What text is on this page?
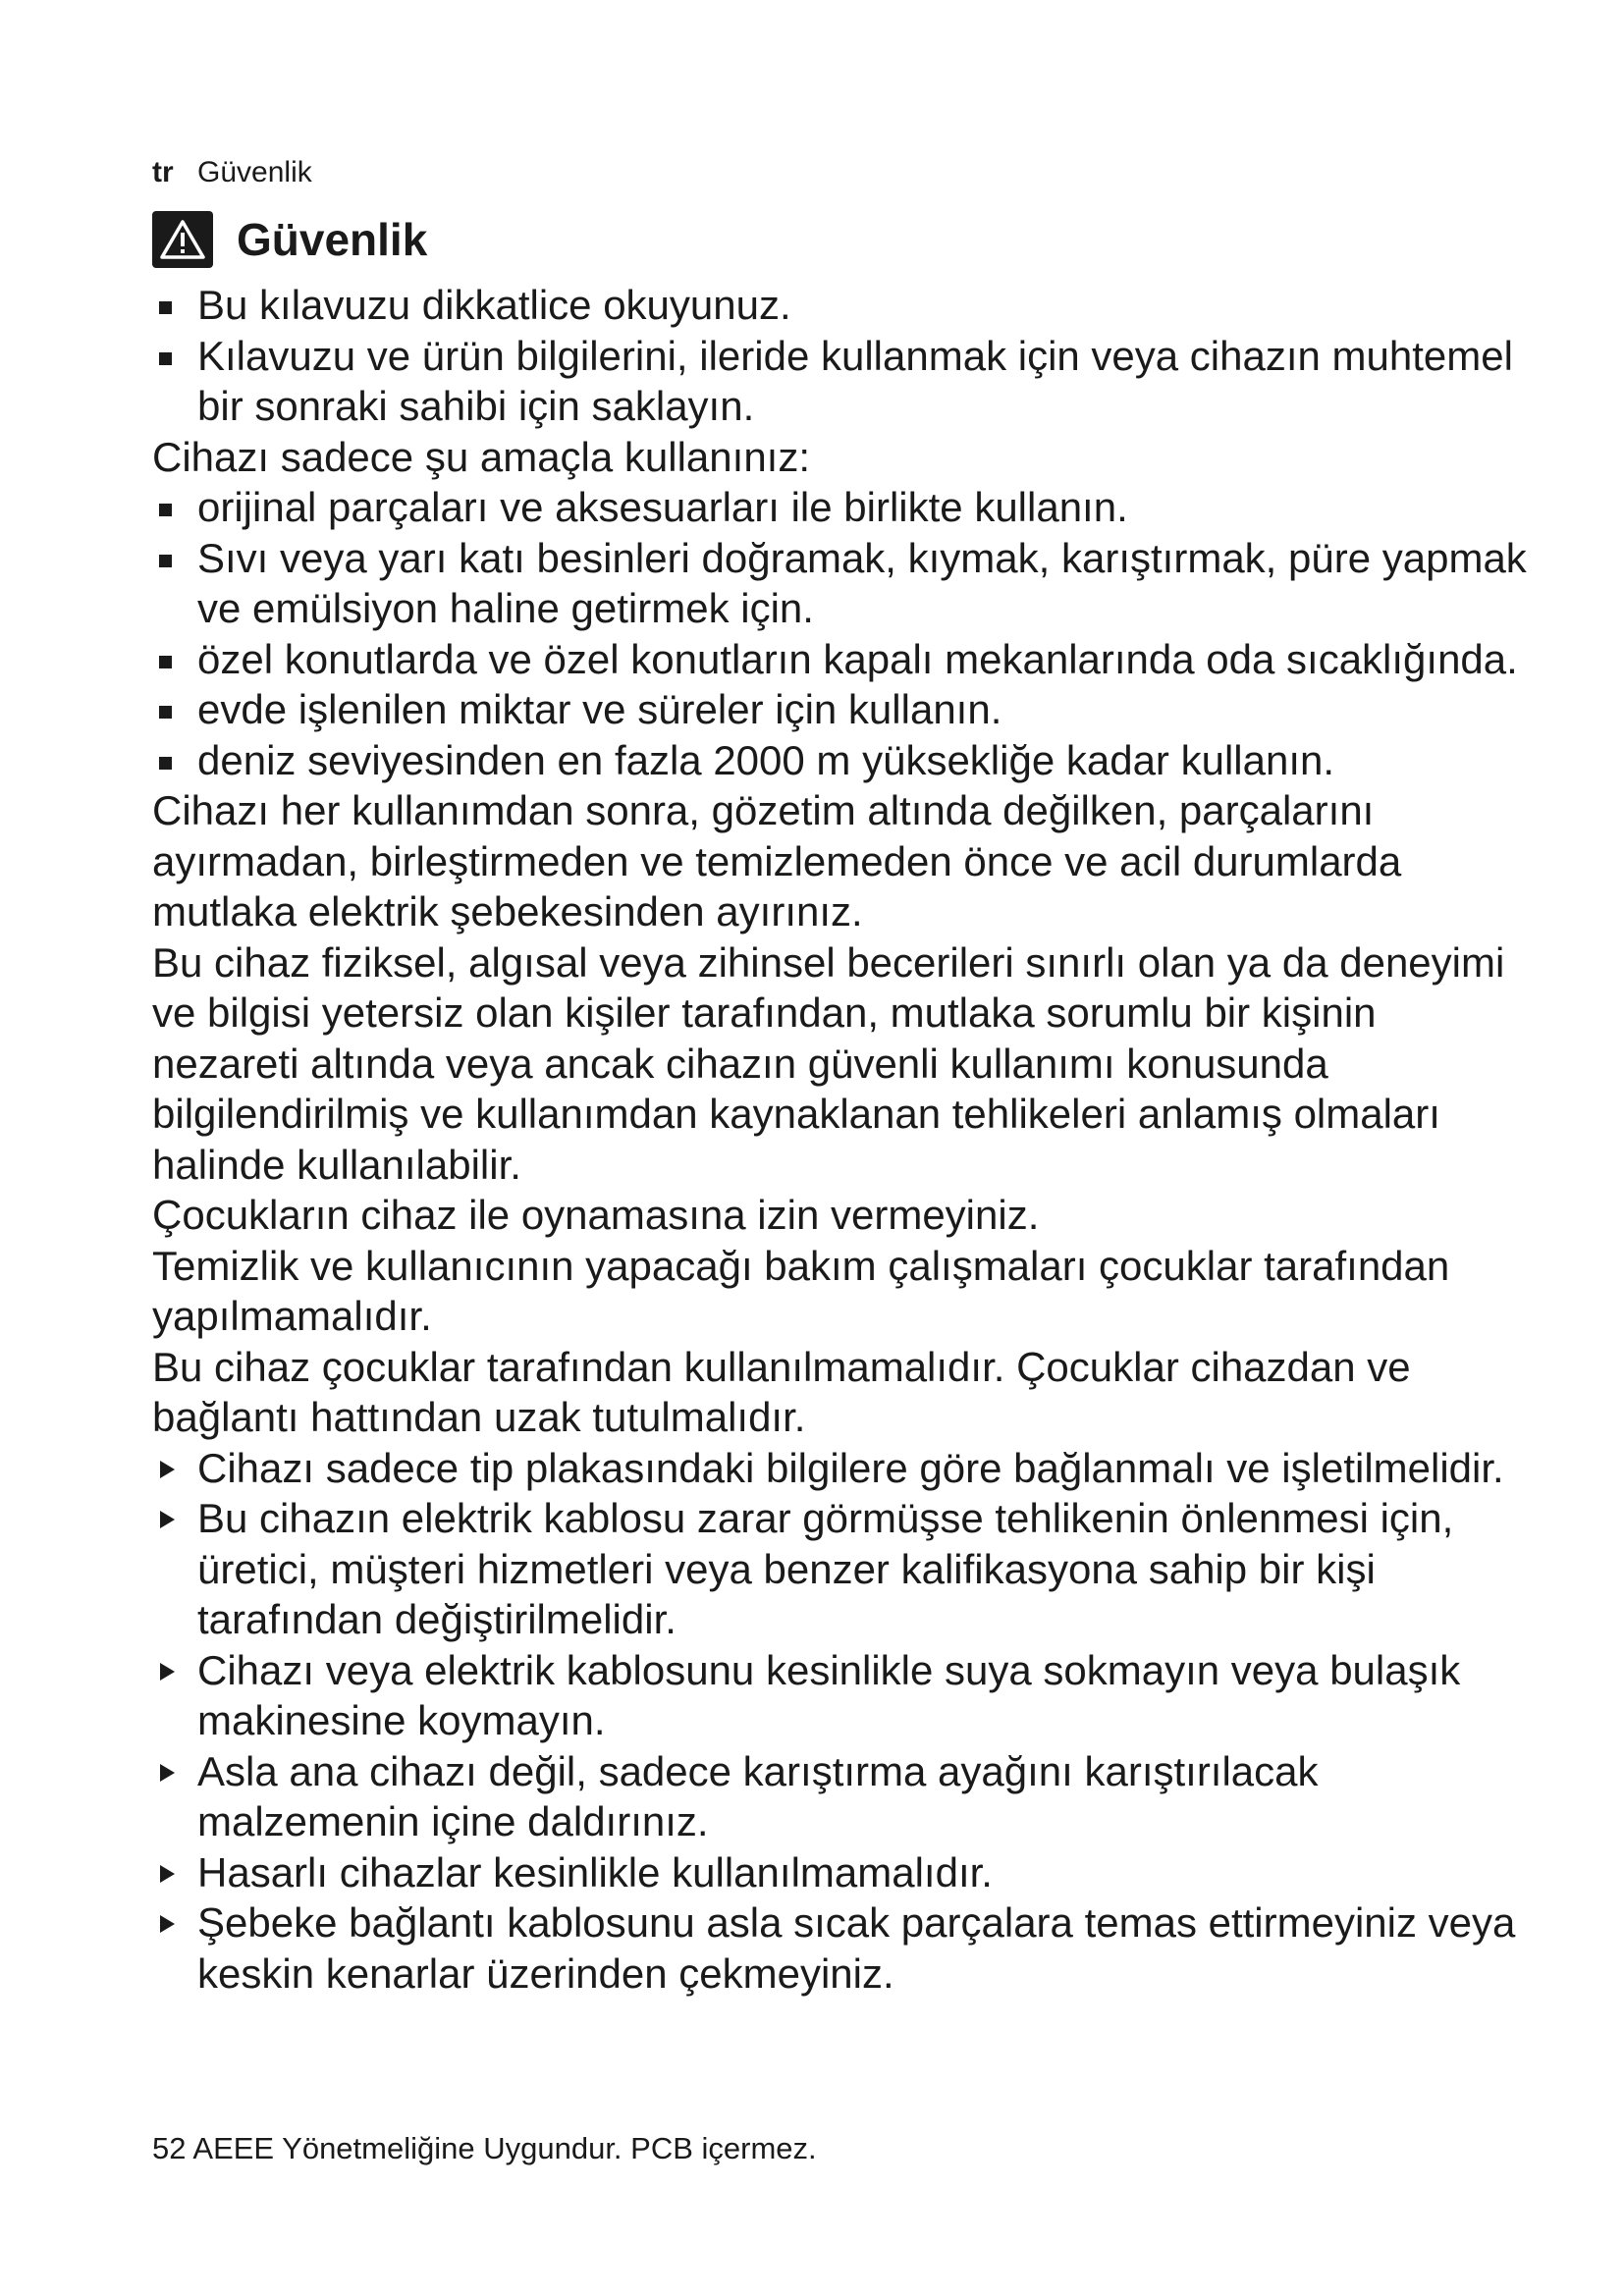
tr Güvenlik
Güvenlik
Bu kılavuzu dikkatlice okuyunuz.
Kılavuzu ve ürün bilgilerini, ileride kullanmak için veya cihazın muhtemel bir sonraki sahibi için saklayın.
Cihazı sadece şu amaçla kullanınız:
orijinal parçaları ve aksesuarları ile birlikte kullanın.
Sıvı veya yarı katı besinleri doğramak, kıymak, karıştırmak, püre yapmak ve emülsiyon haline getirmek için.
özel konutlarda ve özel konutların kapalı mekanlarında oda sıcaklığında.
evde işlenilen miktar ve süreler için kullanın.
deniz seviyesinden en fazla 2000 m yüksekliğe kadar kullanın.
Cihazı her kullanımdan sonra, gözetim altında değilken, parçalarını ayırmadan, birleştirmeden ve temizlemeden önce ve acil durumlarda mutlaka elektrik şebekesinden ayırınız.
Bu cihaz fiziksel, algısal veya zihinsel becerileri sınırlı olan ya da deneyimi ve bilgisi yetersiz olan kişiler tarafından, mutlaka sorumlu bir kişinin nezareti altında veya ancak cihazın güvenli kullanımı konusunda bilgilendirilmiş ve kullanımdan kaynaklanan tehlikeleri anlamış olmaları halinde kullanılabilir.
Çocukların cihaz ile oynamasına izin vermeyiniz.
Temizlik ve kullanıcının yapacağı bakım çalışmaları çocuklar tarafından yapılmamalıdır.
Bu cihaz çocuklar tarafından kullanılmamalıdır. Çocuklar cihazdan ve bağlantı hattından uzak tutulmalıdır.
Cihazı sadece tip plakasındaki bilgilere göre bağlanmalı ve işletilmelidir.
Bu cihazın elektrik kablosu zarar görmüşse tehlikenin önlenmesi için, üretici, müşteri hizmetleri veya benzer kalifikasyona sahip bir kişi tarafından değiştirilmelidir.
Cihazı veya elektrik kablosunu kesinlikle suya sokmayın veya bulaşık makinesine koymayın.
Asla ana cihazı değil, sadece karıştırma ayağını karıştırılacak malzemenin içine daldırınız.
Hasarlı cihazlar kesinlikle kullanılmamalıdır.
Şebeke bağlantı kablosunu asla sıcak parçalara temas ettirmeyiniz veya keskin kenarlar üzerinden çekmeyiniz.
52 AEEE Yönetmeliğine Uygundur. PCB içermez.
